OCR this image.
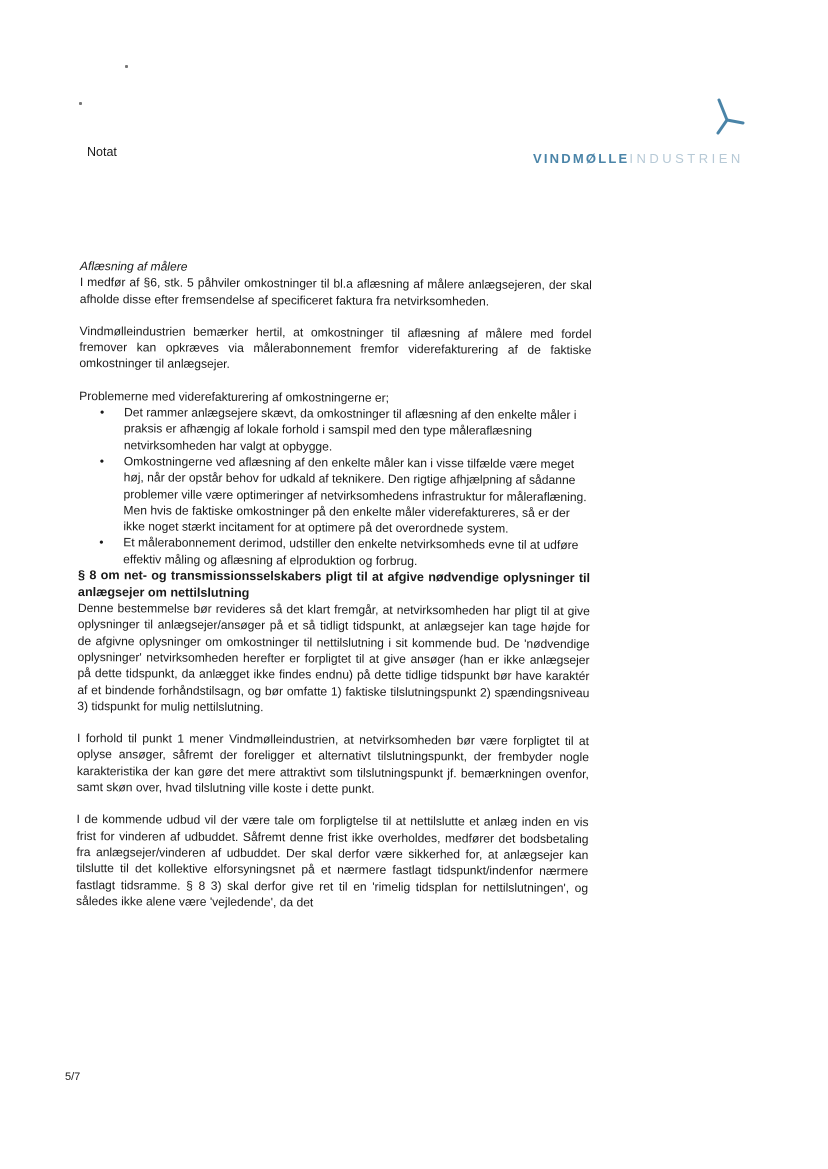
Notat	VINDMØLLEINDUSTRIEN

Aflæsning af målere

I medfør af §6, stk. 5 påhviler omkostninger til bl.a aflæsning af målere anlægsejeren, der skal afholde disse efter fremsendelse af specificeret faktura fra netvirksomheden.

Vindmølleindustrien bemærker hertil, at omkostninger til aflæsning af målere med fordel fremover kan opkræves via målerabonnement fremfor viderefakturering af de faktiske omkostninger til anlægsejer.

Problemerne med viderefakturering af omkostningerne er;

• Det rammer anlægsejere skævt, da omkostninger til aflæsning af den enkelte måler i praksis er afhængig af lokale forhold i samspil med den type måleraflæsning netvirksomheden har valgt at opbygge.
• Omkostningerne ved aflæsning af den enkelte måler kan i visse tilfælde være meget høj, når der opstår behov for udkald af teknikere. Den rigtige afhjælpning af sådanne problemer ville være optimeringer af netvirksomhedens infrastruktur for måleraflæning. Men hvis de faktiske omkostninger på den enkelte måler viderefaktureres, så er der ikke noget stærkt incitament for at optimere på det overordnede system.
• Et målerabonnement derimod, udstiller den enkelte netvirksomheds evne til at udføre effektiv måling og aflæsning af elproduktion og forbrug.

§ 8 om net- og transmissionsselskabers pligt til at afgive nødvendige oplysninger til anlægsejer om nettilslutning

Denne bestemmelse bør revideres så det klart fremgår, at netvirksomheden har pligt til at give oplysninger til anlægsejer/ansøger på et så tidligt tidspunkt, at anlægsejer kan tage højde for de afgivne oplysninger om omkostninger til nettilslutning i sit kommende bud. De 'nødvendige oplysninger' netvirksomheden herefter er forpligtet til at give ansøger (han er ikke anlægsejer på dette tidspunkt, da anlægget ikke findes endnu) på dette tidlige tidspunkt bør have karaktér af et bindende forhåndstilsagn, og bør omfatte 1) faktiske tilslutningspunkt 2) spændingsniveau 3) tidspunkt for mulig nettilslutning.

I forhold til punkt 1 mener Vindmølleindustrien, at netvirksomheden bør være forpligtet til at oplyse ansøger, såfremt der foreligger et alternativt tilslutningspunkt, der frembyder nogle karakteristika der kan gøre det mere attraktivt som tilslutningspunkt jf. bemærkningen ovenfor, samt skøn over, hvad tilslutning ville koste i dette punkt.

I de kommende udbud vil der være tale om forpligtelse til at nettilslutte et anlæg inden en vis frist for vinderen af udbuddet. Såfremt denne frist ikke overholdes, medfører det bodsbetaling fra anlægsejer/vinderen af udbuddet. Der skal derfor være sikkerhed for, at anlægsejer kan tilslutte til det kollektive elforsyningsnet på et nærmere fastlagt tidspunkt/indenfor nærmere fastlagt tidsramme. § 8 3) skal derfor give ret til en 'rimelig tidsplan for nettilslutningen', og således ikke alene være 'vejledende', da det

5/7
